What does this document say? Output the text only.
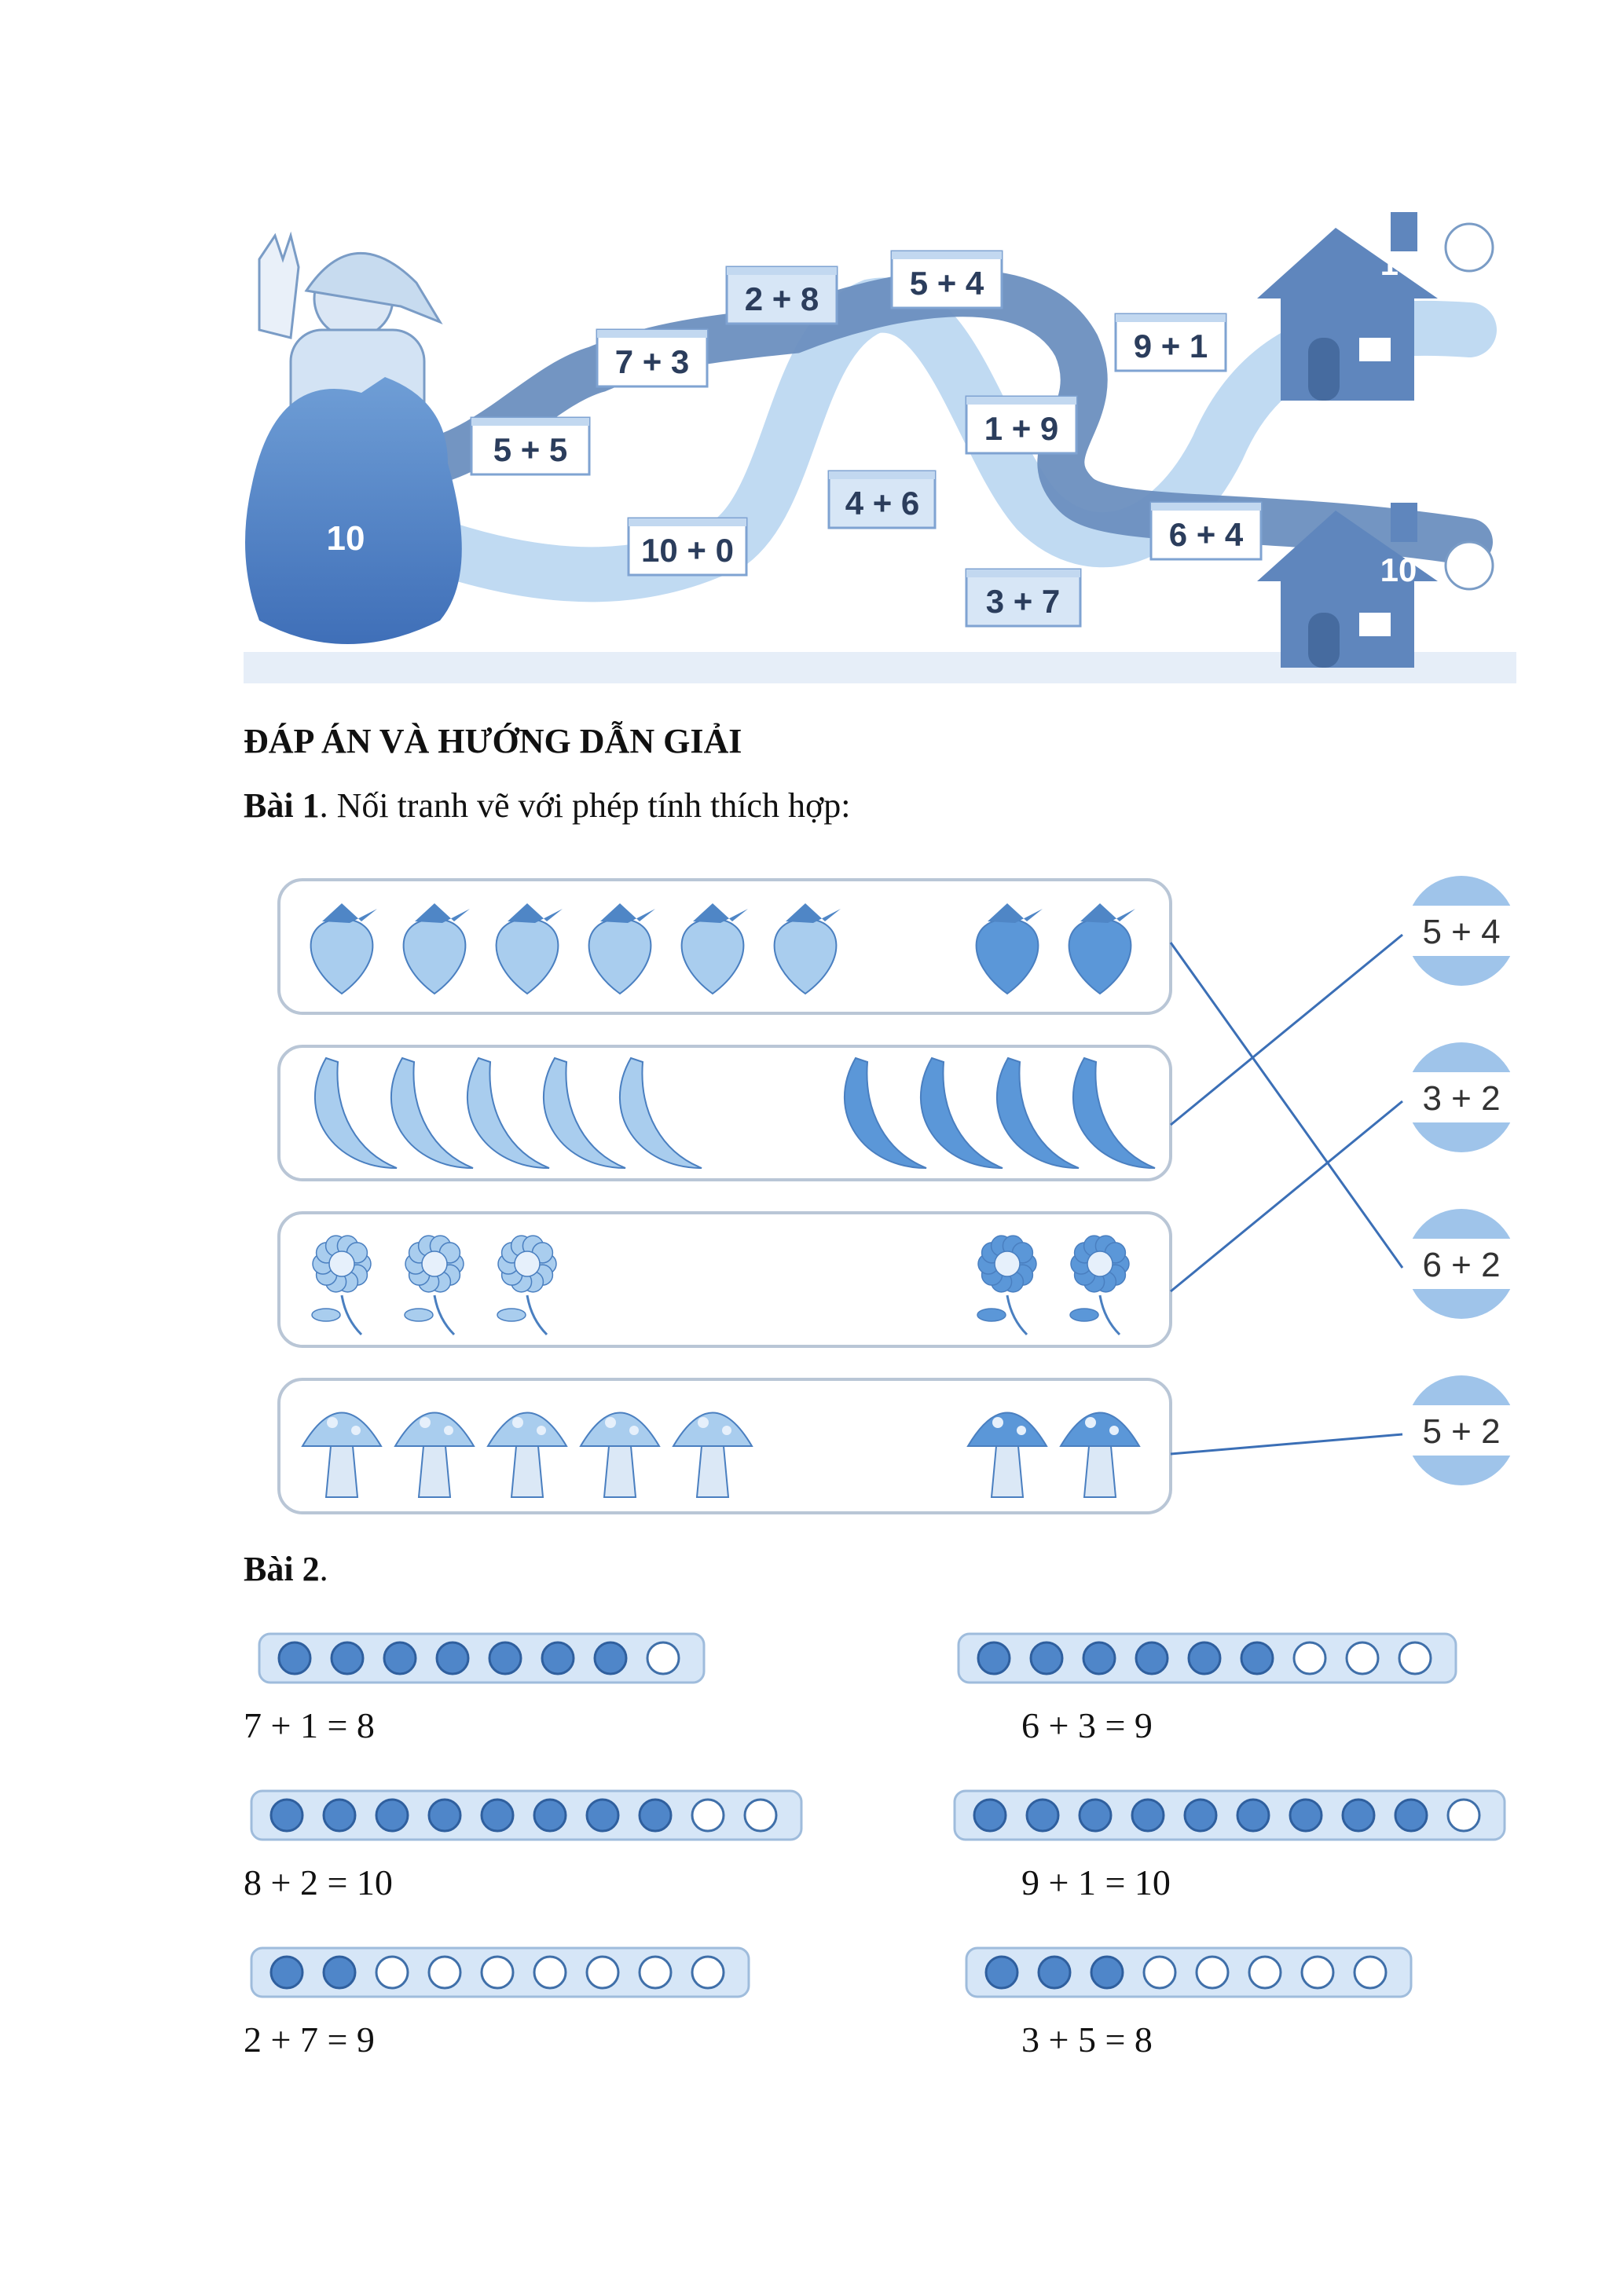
10
10
10
5 + 5
7 + 3
2 + 8	5 + 4
10 + 0
4 + 6
1 + 9
3 + 7
9 + 1
6 + 4
ĐÁP ÁN VÀ HƯỚNG DẪN GIẢI
Bài 1. Nối tranh vẽ với phép tính thích hợp:
5 + 4
3 + 2
6 + 2
5 + 2
Bài 2.
7 + 1 = 8	6 + 3 = 9
8 + 2 = 10	9 + 1 = 10
2 + 7 = 9	3 + 5 = 8
